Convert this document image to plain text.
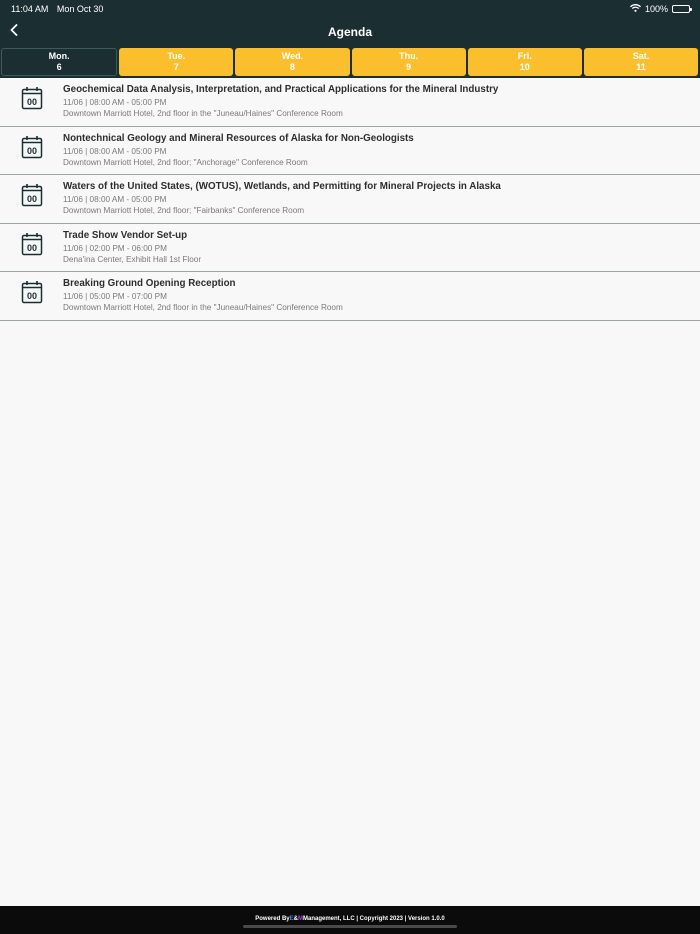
11:04 AM Mon Oct 30	100%
Agenda
Mon.
6
Tue.
7
Wed.
8
Thu.
9
Fri.
10
Sat.
11
00
Geochemical Data Analysis, Interpretation, and Practical Applications for the Mineral Industry
11/06 | 08:00 AM - 05:00 PM
Downtown Marriott Hotel, 2nd floor in the "Juneau/Haines" Conference Room
00
Nontechnical Geology and Mineral Resources of Alaska for Non-Geologists
11/06 | 08:00 AM - 05:00 PM
Downtown Marriott Hotel, 2nd floor; "Anchorage" Conference Room
00
Waters of the United States, (WOTUS), Wetlands, and Permitting for Mineral Projects in Alaska
11/06 | 08:00 AM - 05:00 PM
Downtown Marriott Hotel, 2nd floor; "Fairbanks" Conference Room
00
Trade Show Vendor Set-up
11/06 | 02:00 PM - 06:00 PM
Dena'ina Center, Exhibit Hall 1st Floor
00
Breaking Ground Opening Reception
11/06 | 05:00 PM - 07:00 PM
Downtown Marriott Hotel, 2nd floor in the "Juneau/Haines" Conference Room
Powered By E & M Management, LLC | Copyright 2023 | Version 1.0.0
